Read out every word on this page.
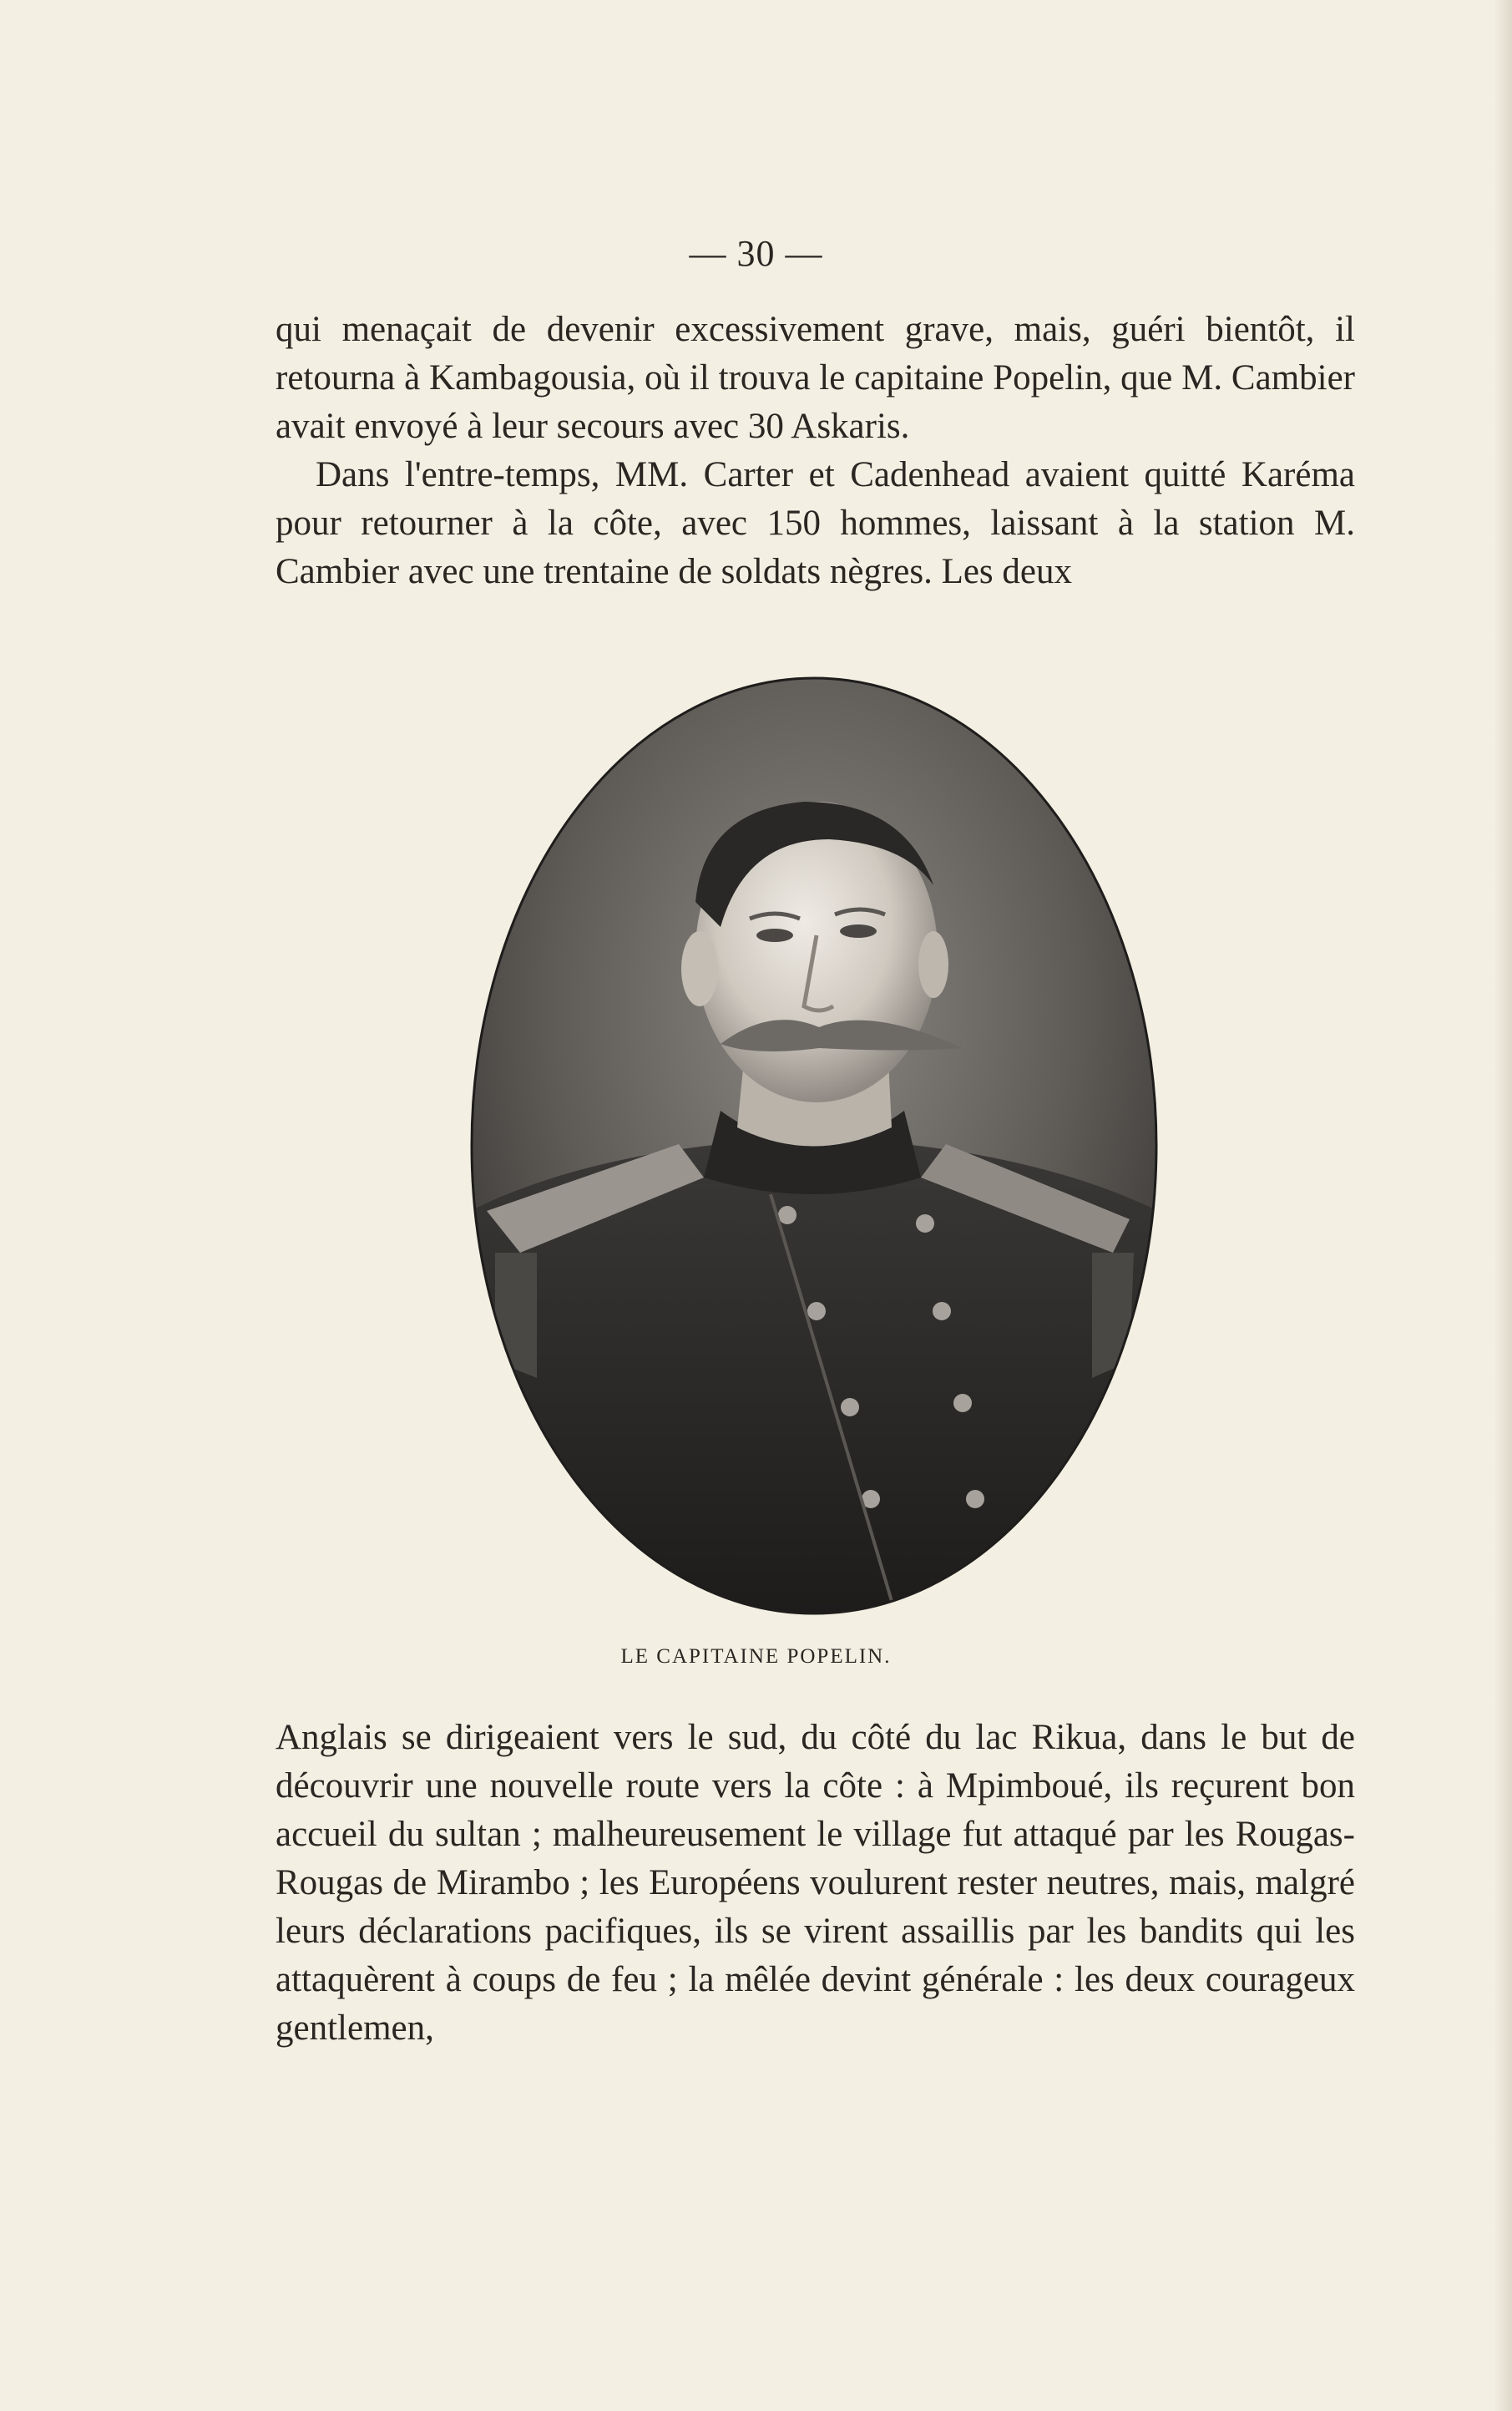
— 30 —

qui menaçait de devenir excessivement grave, mais, guéri bientôt, il retourna à Kambagousia, où il trouva le capitaine Popelin, que M. Cambier avait envoyé à leur secours avec 30 Askaris.

Dans l'entre-temps, MM. Carter et Cadenhead avaient quitté Karéma pour retourner à la côte, avec 150 hommes, laissant à la station M. Cambier avec une trentaine de soldats nègres. Les deux

LE CAPITAINE POPELIN.

Anglais se dirigeaient vers le sud, du côté du lac Rikua, dans le but de découvrir une nouvelle route vers la côte : à Mpimboué, ils reçurent bon accueil du sultan ; malheureusement le village fut attaqué par les Rougas-Rougas de Mirambo ; les Européens voulurent rester neutres, mais, malgré leurs déclarations pacifiques, ils se virent assaillis par les bandits qui les attaquèrent à coups de feu ; la mêlée devint générale : les deux courageux gentlemen,
